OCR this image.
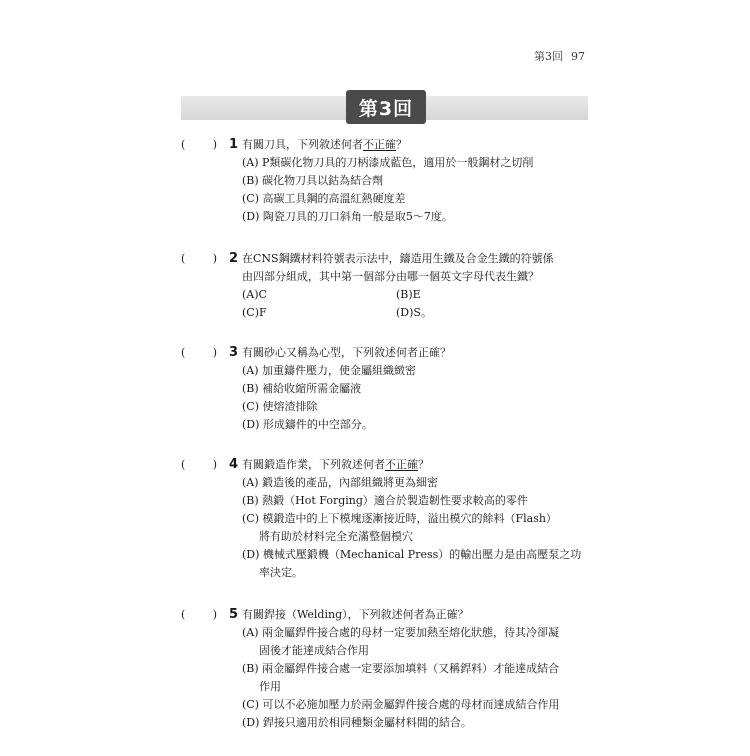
第3回 97
第3回
( ) 1 有關刀具，下列敘述何者不正確？
(A) P類碳化物刀具的刀柄漆成藍色，適用於一般鋼材之切削
(B) 碳化物刀具以鈷為結合劑
(C) 高碳工具鋼的高溫紅熱硬度差
(D) 陶瓷刀具的刀口斜角一般是取5～7度。
( ) 2 在CNS鋼鐵材料符號表示法中，鑄造用生鐵及合金生鐵的符號係
由四部分組成，其中第一個部分由哪一個英文字母代表生鐵？
(A)C	(B)E
(C)F	(D)S。
( ) 3 有關砂心又稱為心型，下列敘述何者正確？
(A) 加重鑄件壓力，使金屬組織緻密
(B) 補給收縮所需金屬液
(C) 使熔渣排除
(D) 形成鑄件的中空部分。
( ) 4 有關鍛造作業，下列敘述何者不正確？
(A) 鍛造後的產品，內部組織將更為細密
(B) 熱鍛（Hot Forging）適合於製造韌性要求較高的零件
(C) 模鍛造中的上下模塊逐漸接近時，溢出模穴的餘料（Flash）
將有助於材料完全充滿整個模穴
(D) 機械式壓鍛機（Mechanical Press）的輸出壓力是由高壓泵之功
率決定。
( ) 5 有關銲接（Welding），下列敘述何者為正確？
(A) 兩金屬銲件接合處的母材一定要加熱至熔化狀態，待其冷卻凝
固後才能達成結合作用
(B) 兩金屬銲件接合處一定要添加填料（又稱銲料）才能達成結合
作用
(C) 可以不必施加壓力於兩金屬銲件接合處的母材而達成結合作用
(D) 銲接只適用於相同種類金屬材料間的結合。
